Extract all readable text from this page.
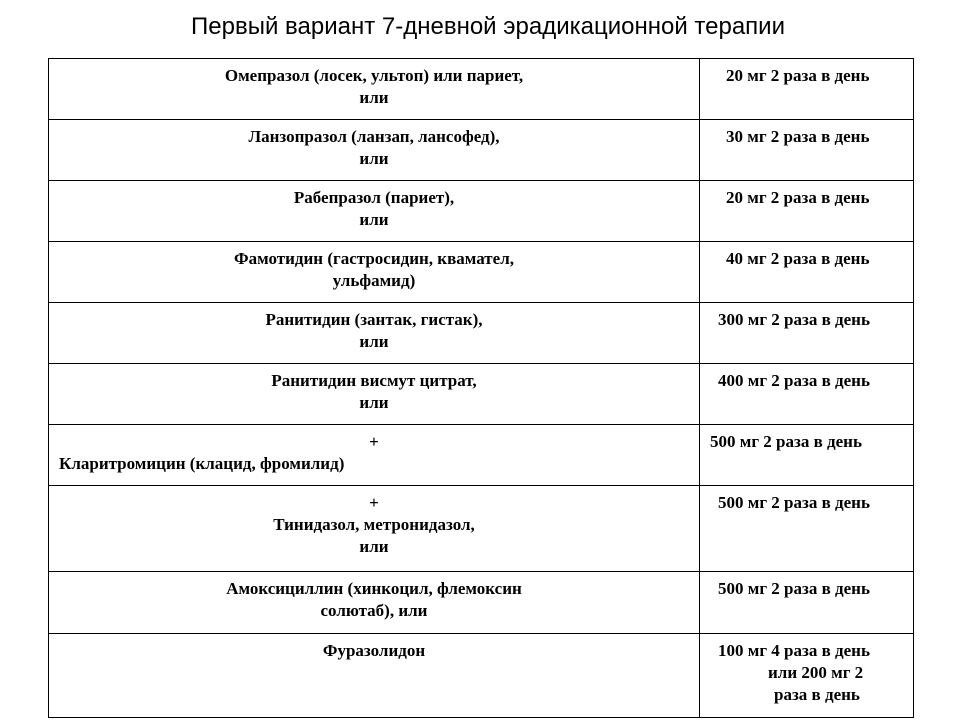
Первый вариант 7-дневной эрадикационной терапии
Омепразол (лосек, ультоп) или париет,
или	20 мг 2 раза в день

Ланзопразол (ланзап, лансофед),
или	30 мг 2 раза в день

Рабепразол (париет),
или	20 мг 2 раза в день

Фамотидин (гастросидин, квамател,
ульфамид)	40 мг 2 раза в день

Ранитидин (зантак, гистак),
или	300 мг 2 раза в день

Ранитидин висмут цитрат,
или	400 мг 2 раза в день

+
Кларитромицин (клацид, фромилид)	500 мг 2 раза в день

+
Тинидазол, метронидазол,
или	500 мг 2 раза в день

Амоксициллин (хинкоцил, флемоксин
солютаб), или	500 мг 2 раза в день

Фуразолидон	100 мг 4 раза в день
или 200 мг 2
раза в день
